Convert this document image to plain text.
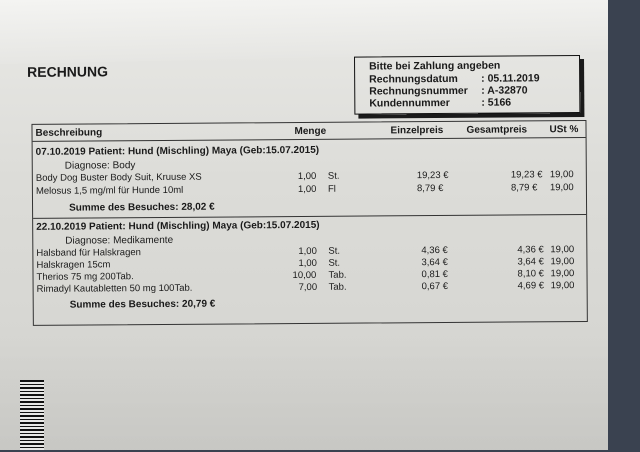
RECHNUNG	Bitte bei Zahlung angeben
Rechnungsdatum : 05.11.2019
Rechnungsnummer : A-32870
Kundennummer	: 5166
Beschreibung	Menge	Einzelpreis Gesamtpreis USt %
07.10.2019 Patient: Hund (Mischling) Maya (Geb:15.07.2015)
Diagnose: Body
Body Dog Buster Body Suit, Kruuse XS	1,00 St.	19,23 €	19,23 € 19,00
Melosus 1,5 mg/ml für Hunde 10ml	1,00 Fl	8,79 €	8,79 € 19,00
Summe des Besuches: 28,02 €
22.10.2019 Patient: Hund (Mischling) Maya (Geb:15.07.2015)
Diagnose: Medikamente
Halsband für Halskragen	1,00 St.	4,36 €	4,36 € 19,00
Halskragen 15cm	1,00 St.	3,64 €	3,64 € 19,00
Therios 75 mg 200Tab.	10,00 Tab.	0,81 €	8,10 € 19,00
Rimadyl Kautabletten 50 mg 100Tab.	7,00 Tab.	0,67 €	4,69 € 19,00
Summe des Besuches: 20,79 €
